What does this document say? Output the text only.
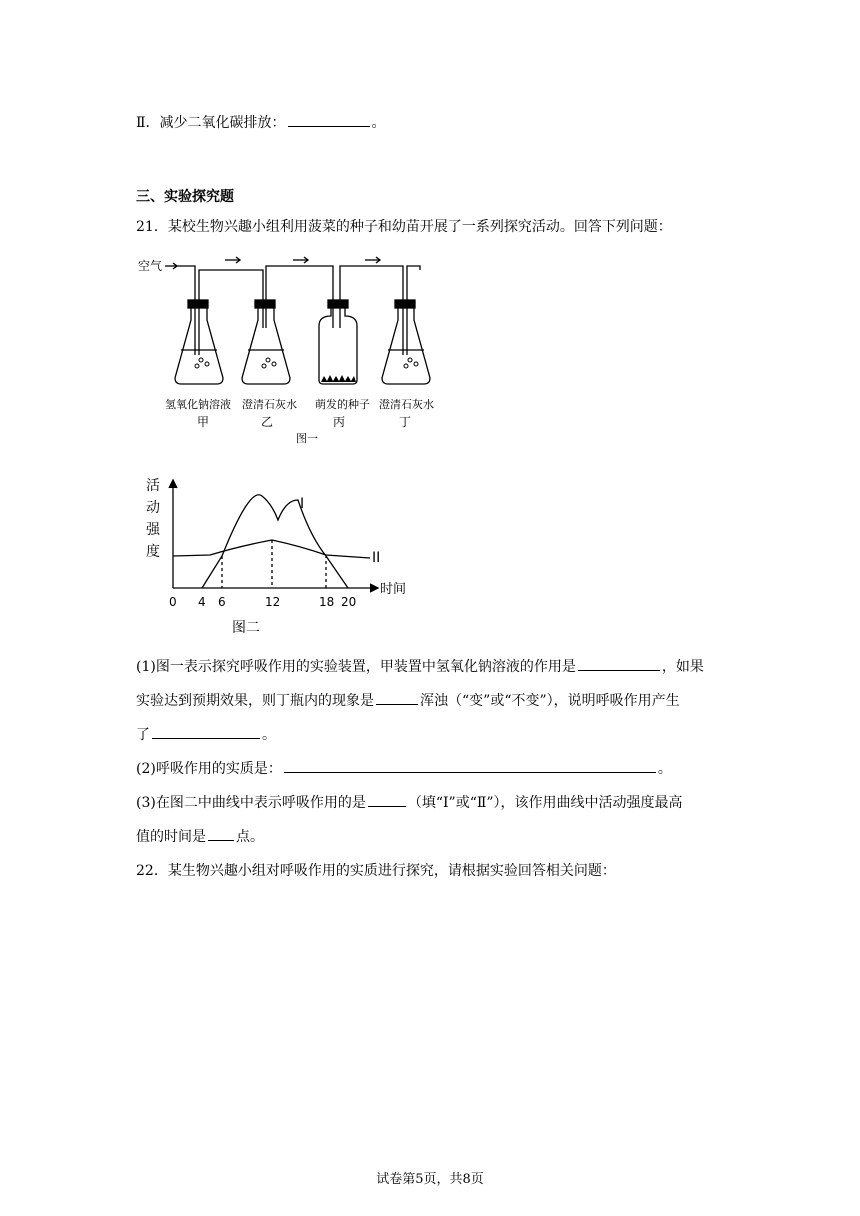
Ⅱ．减少二氧化碳排放：	。
三、实验探究题
21．某校生物兴趣小组利用菠菜的种子和幼苗开展了一系列探究活动。回答下列问题：
空气
氢氧化钠溶液
甲
澄清石灰水
乙
萌发的种子
丙
澄清石灰水
丁
图一
活
动
强
度
I
II
时间
0 4 6	12	18 20
图二
(1)图一表示探究呼吸作用的实验装置，甲装置中氢氧化钠溶液的作用是	，如果
实验达到预期效果，则丁瓶内的现象是	浑浊（“变”或“不变”），说明呼吸作用产生
了	。
(2)呼吸作用的实质是：	。
(3)在图二中曲线中表示呼吸作用的是	（填“Ⅰ”或“Ⅱ”），该作用曲线中活动强度最高
值的时间是 点。
22．某生物兴趣小组对呼吸作用的实质进行探究，请根据实验回答相关问题：
试卷第5页，共8页
